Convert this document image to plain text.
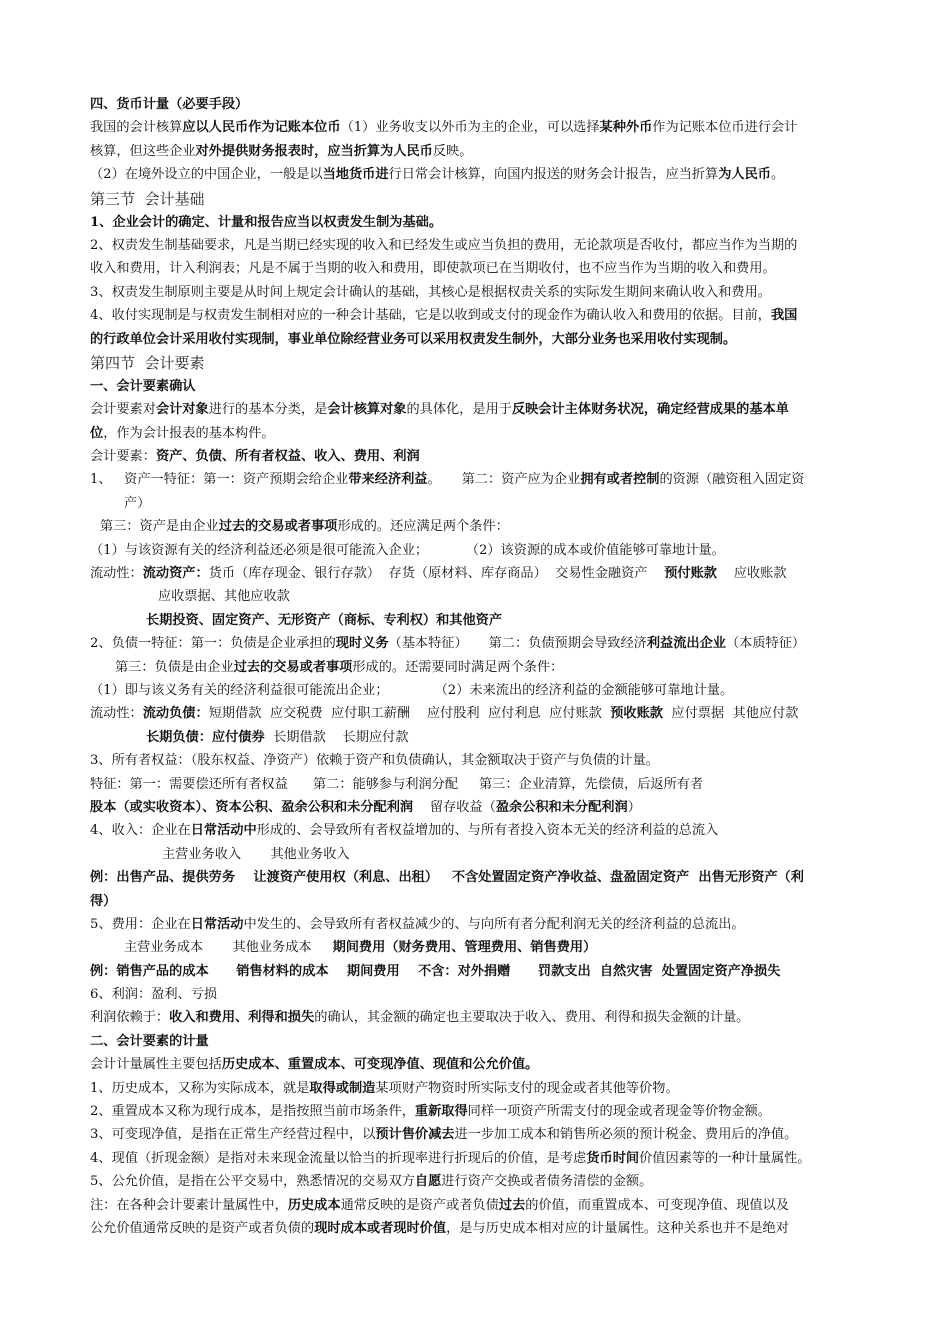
四、货币计量（必要手段）
我国的会计核算应以人民币作为记账本位币（1）业务收支以外币为主的企业，可以选择某种外币作为记账本位币进行会计
核算，但这些企业对外提供财务报表时，应当折算为人民币反映。
（2）在境外设立的中国企业，一般是以当地货币进行日常会计核算，向国内报送的财务会计报告，应当折算为人民币。
第三节  会计基础
1、企业会计的确定、计量和报告应当以权责发生制为基础。
2、权责发生制基础要求，凡是当期已经实现的收入和已经发生或应当负担的费用，无论款项是否收付，都应当作为当期的
收入和费用，计入利润表；凡是不属于当期的收入和费用，即使款项已在当期收付，也不应当作为当期的收入和费用。
3、权责发生制原则主要是从时间上规定会计确认的基础，其核心是根据权责关系的实际发生期间来确认收入和费用。
4、收付实现制是与权责发生制相对应的一种会计基础，它是以收到或支付的现金作为确认收入和费用的依据。目前，我国
的行政单位会计采用收付实现制，事业单位除经营业务可以采用权责发生制外，大部分业务也采用收付实现制。
第四节  会计要素
一、会计要素确认
会计要素对会计对象进行的基本分类，是会计核算对象的具体化，是用于反映会计主体财务状况，确定经营成果的基本单
位，作为会计报表的基本构件。
会计要素：资产、负债、所有者权益、收入、费用、利润
1、   资产一特征：第一：资产预期会给企业带来经济利益。     第二：资产应为企业拥有或者控制的资源（融资租入固定资
产）
第三：资产是由企业过去的交易或者事项形成的。还应满足两个条件：
（1）与该资源有关的经济利益还必须是很可能流入企业；         （2）该资源的成本或价值能够可靠地计量。
流动性：流动资产：货币（库存现金、银行存款）  存货（原材料、库存商品）  交易性金融资产    预付账款    应收账款
应收票据、其他应收款
长期投资、固定资产、无形资产（商标、专利权）和其他资产
2、负债一特征：第一：负债是企业承担的现时义务（基本特征）     第二：负债预期会导致经济利益流出企业（本质特征）
第三：负债是由企业过去的交易或者事项形成的。还需要同时满足两个条件：
（1）即与该义务有关的经济利益很可能流出企业；           （2）未来流出的经济利益的金额能够可靠地计量。
流动性：流动负债：短期借款  应交税费  应付职工薪酬    应付股利  应付利息  应付账款  预收账款  应付票据  其他应付款
长期负债：应付债券  长期借款    长期应付款
3、所有者权益：（股东权益、净资产）依赖于资产和负债确认，其金额取决于资产与负债的计量。
特征：第一：需要偿还所有者权益      第二：能够参与利润分配     第三：企业清算，先偿债，后返所有者
股本（或实收资本）、资本公积、盈余公积和未分配利润    留存收益（盈余公积和未分配利润）
4、收入：企业在日常活动中形成的、会导致所有者权益增加的、与所有者投入资本无关的经济利益的总流入
主营业务收入       其他业务收入
例：出售产品、提供劳务    让渡资产使用权（利息、出租）   不含处置固定资产净收益、盘盈固定资产  出售无形资产（利
得）
5、费用：企业在日常活动中发生的、会导致所有者权益减少的、与向所有者分配利润无关的经济利益的总流出。
主营业务成本       其他业务成本     期间费用（财务费用、管理费用、销售费用）
例：销售产品的成本      销售材料的成本    期间费用    不含：对外捐赠      罚款支出  自然灾害  处置固定资产净损失
6、利润：盈利、亏损
利润依赖于：收入和费用、利得和损失的确认，其金额的确定也主要取决于收入、费用、利得和损失金额的计量。
二、会计要素的计量
会计计量属性主要包括历史成本、重置成本、可变现净值、现值和公允价值。
1、历史成本，又称为实际成本，就是取得或制造某项财产物资时所实际支付的现金或者其他等价物。
2、重置成本又称为现行成本，是指按照当前市场条件，重新取得同样一项资产所需支付的现金或者现金等价物金额。
3、可变现净值，是指在正常生产经营过程中，以预计售价减去进一步加工成本和销售所必须的预计税金、费用后的净值。
4、现值（折现金额）是指对未来现金流量以恰当的折现率进行折现后的价值，是考虑货币时间价值因素等的一种计量属性。
5、公允价值，是指在公平交易中，熟悉情况的交易双方自愿进行资产交换或者债务清偿的金额。
注：在各种会计要素计量属性中，历史成本通常反映的是资产或者负债过去的价值，而重置成本、可变现净值、现值以及
公允价值通常反映的是资产或者负债的现时成本或者现时价值，是与历史成本相对应的计量属性。这种关系也并不是绝对
